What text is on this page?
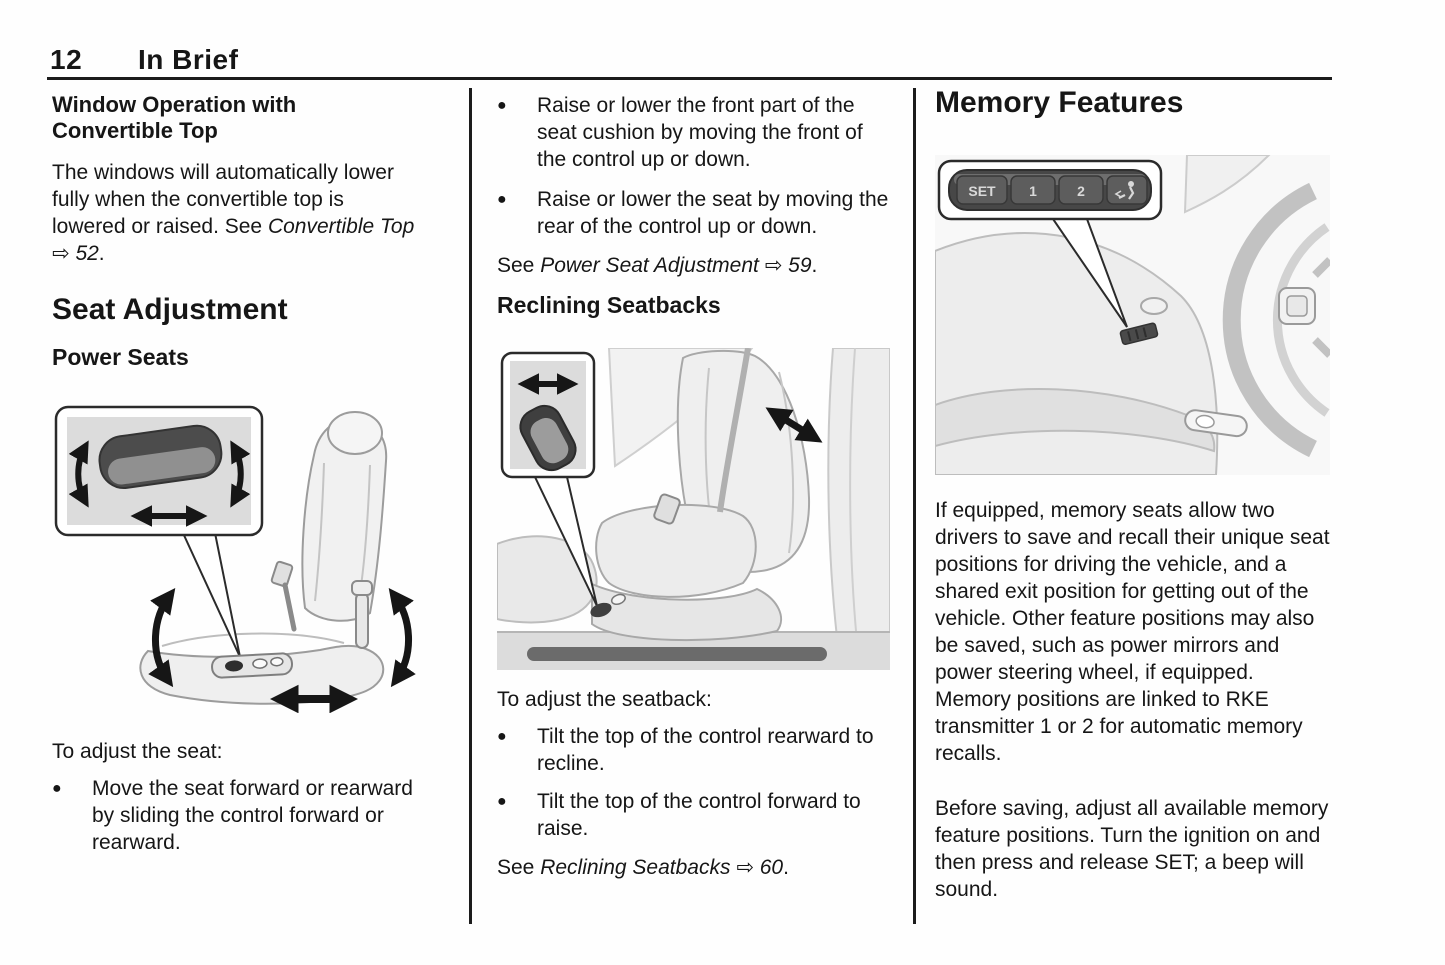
12 In Brief
Window Operation with Convertible Top

The windows will automatically lower fully when the convertible top is lowered or raised. See Convertible Top ⇨ 52.

Seat Adjustment
Power Seats

To adjust the seat:

●	Move the seat forward or rearward by sliding the control forward or rearward.
●	Raise or lower the front part of the seat cushion by moving the front of the control up or down.
●	Raise or lower the seat by moving the rear of the control up or down.

See Power Seat Adjustment ⇨ 59.

Reclining Seatbacks

To adjust the seatback:

●	Tilt the top of the control rearward to recline.
●	Tilt the top of the control forward to raise.

See Reclining Seatbacks ⇨ 60.

Memory Features
SET 1	2

If equipped, memory seats allow two drivers to save and recall their unique seat positions for driving the vehicle, and a shared exit position for getting out of the vehicle. Other feature positions may also be saved, such as power mirrors and power steering wheel, if equipped. Memory positions are linked to RKE transmitter 1 or 2 for automatic memory recalls.

Before saving, adjust all available memory feature positions. Turn the ignition on and then press and release SET; a beep will sound.
